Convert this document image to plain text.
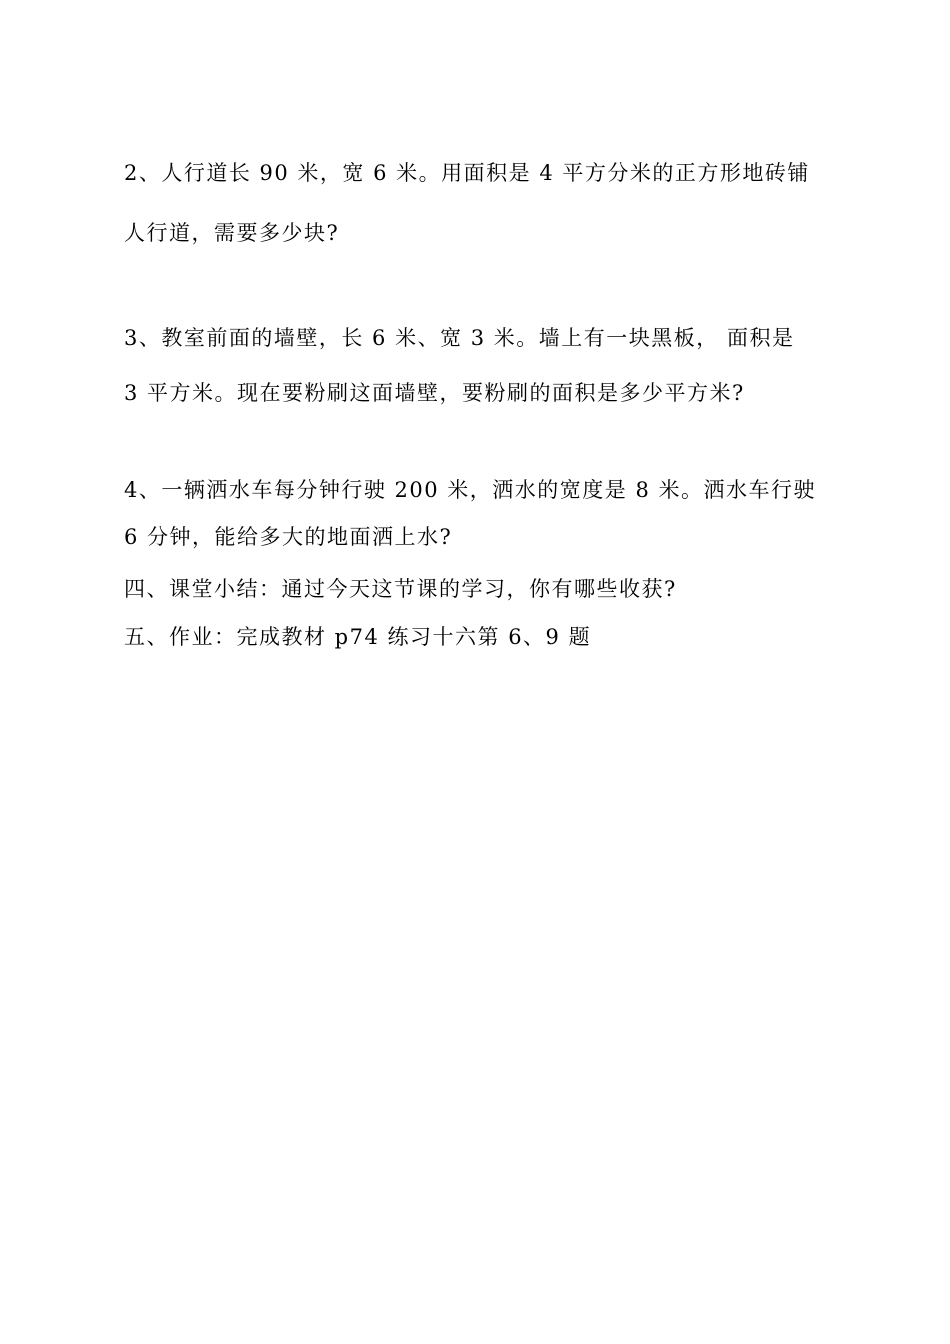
2、人行道长 90 米，宽 6 米。用面积是 4 平方分米的正方形地砖铺
人行道，需要多少块?
3、教室前面的墙壁，长 6 米、宽 3 米。墙上有一块黑板， 面积是
3 平方米。现在要粉刷这面墙壁，要粉刷的面积是多少平方米?
4、一辆洒水车每分钟行驶 200 米，洒水的宽度是 8 米。洒水车行驶
6 分钟，能给多大的地面洒上水?
四、课堂小结：通过今天这节课的学习，你有哪些收获?
五、作业：完成教材 p74 练习十六第 6、9 题
